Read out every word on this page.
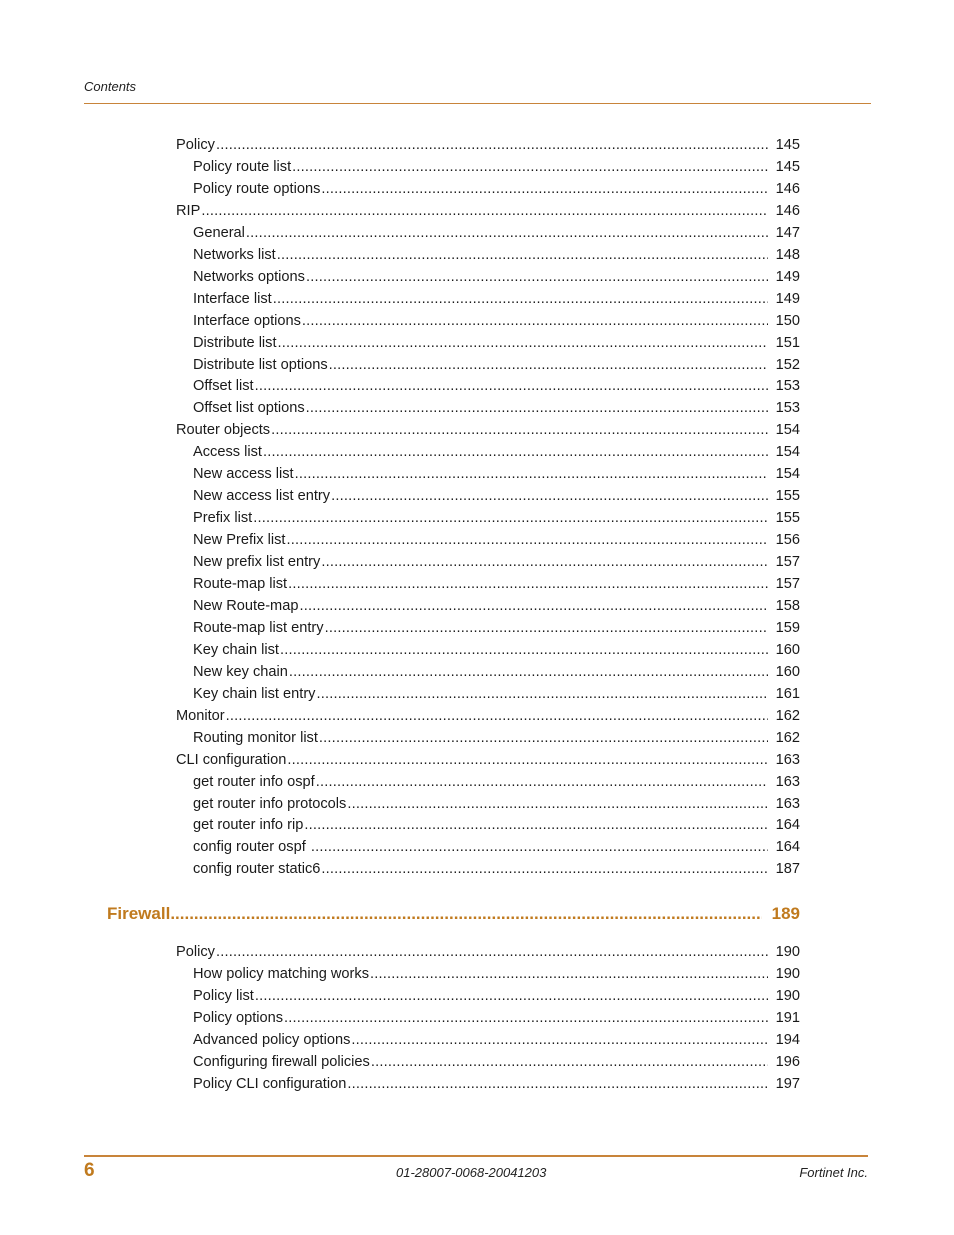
Contents
Policy .....	145
Policy route list .....	145
Policy route options .....	146
RIP .....	146
General .....	147
Networks list .....	148
Networks options .....	149
Interface list .....	149
Interface options .....	150
Distribute list .....	151
Distribute list options .....	152
Offset list .....	153
Offset list options .....	153
Router objects .....	154
Access list .....	154
New access list .....	154
New access list entry .....	155
Prefix list .....	155
New Prefix list .....	156
New prefix list entry .....	157
Route-map list .....	157
New Route-map .....	158
Route-map list entry .....	159
Key chain list .....	160
New key chain .....	160
Key chain list entry .....	161
Monitor .....	162
Routing monitor list .....	162
CLI configuration .....	163
get router info ospf .....	163
get router info protocols .....	163
get router info rip .....	164
config router ospf .....	164
config router static6 .....	187
Firewall .....	189
Policy .....	190
How policy matching works .....	190
Policy list .....	190
Policy options .....	191
Advanced policy options .....	194
Configuring firewall policies .....	196
Policy CLI configuration .....	197
6	01-28007-0068-20041203	Fortinet Inc.
